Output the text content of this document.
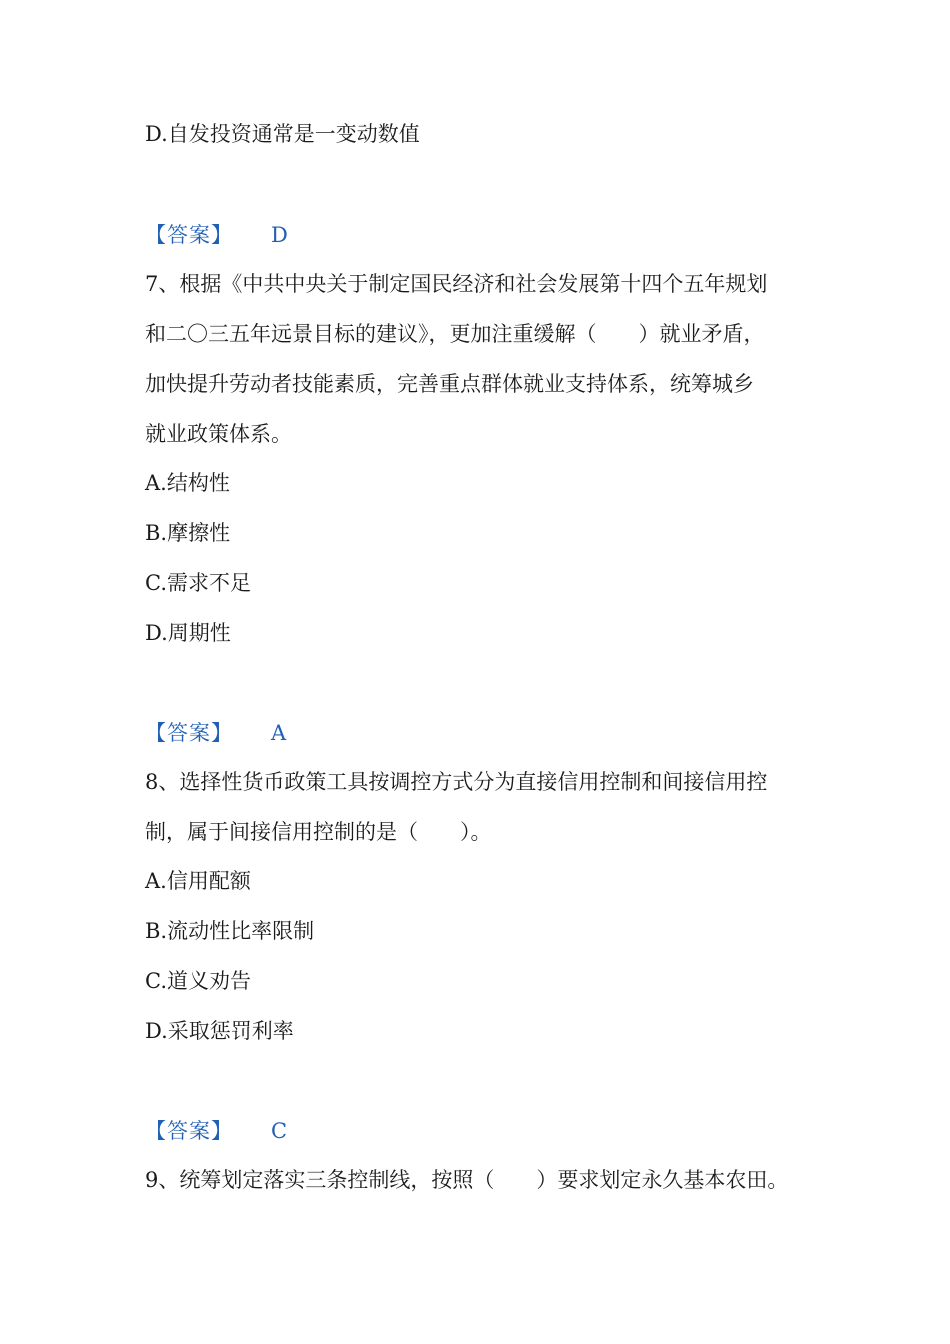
D.自发投资通常是一变动数值
【答案】 D
7、根据《中共中央关于制定国民经济和社会发展第十四个五年规划
和二〇三五年远景目标的建议》，更加注重缓解（　　）就业矛盾，
加快提升劳动者技能素质，完善重点群体就业支持体系，统筹城乡
就业政策体系。
A.结构性
B.摩擦性
C.需求不足
D.周期性
【答案】 A
8、选择性货币政策工具按调控方式分为直接信用控制和间接信用控
制，属于间接信用控制的是（　　）。
A.信用配额
B.流动性比率限制
C.道义劝告
D.采取惩罚利率
【答案】 C
9、统筹划定落实三条控制线，按照（　　）要求划定永久基本农田。
